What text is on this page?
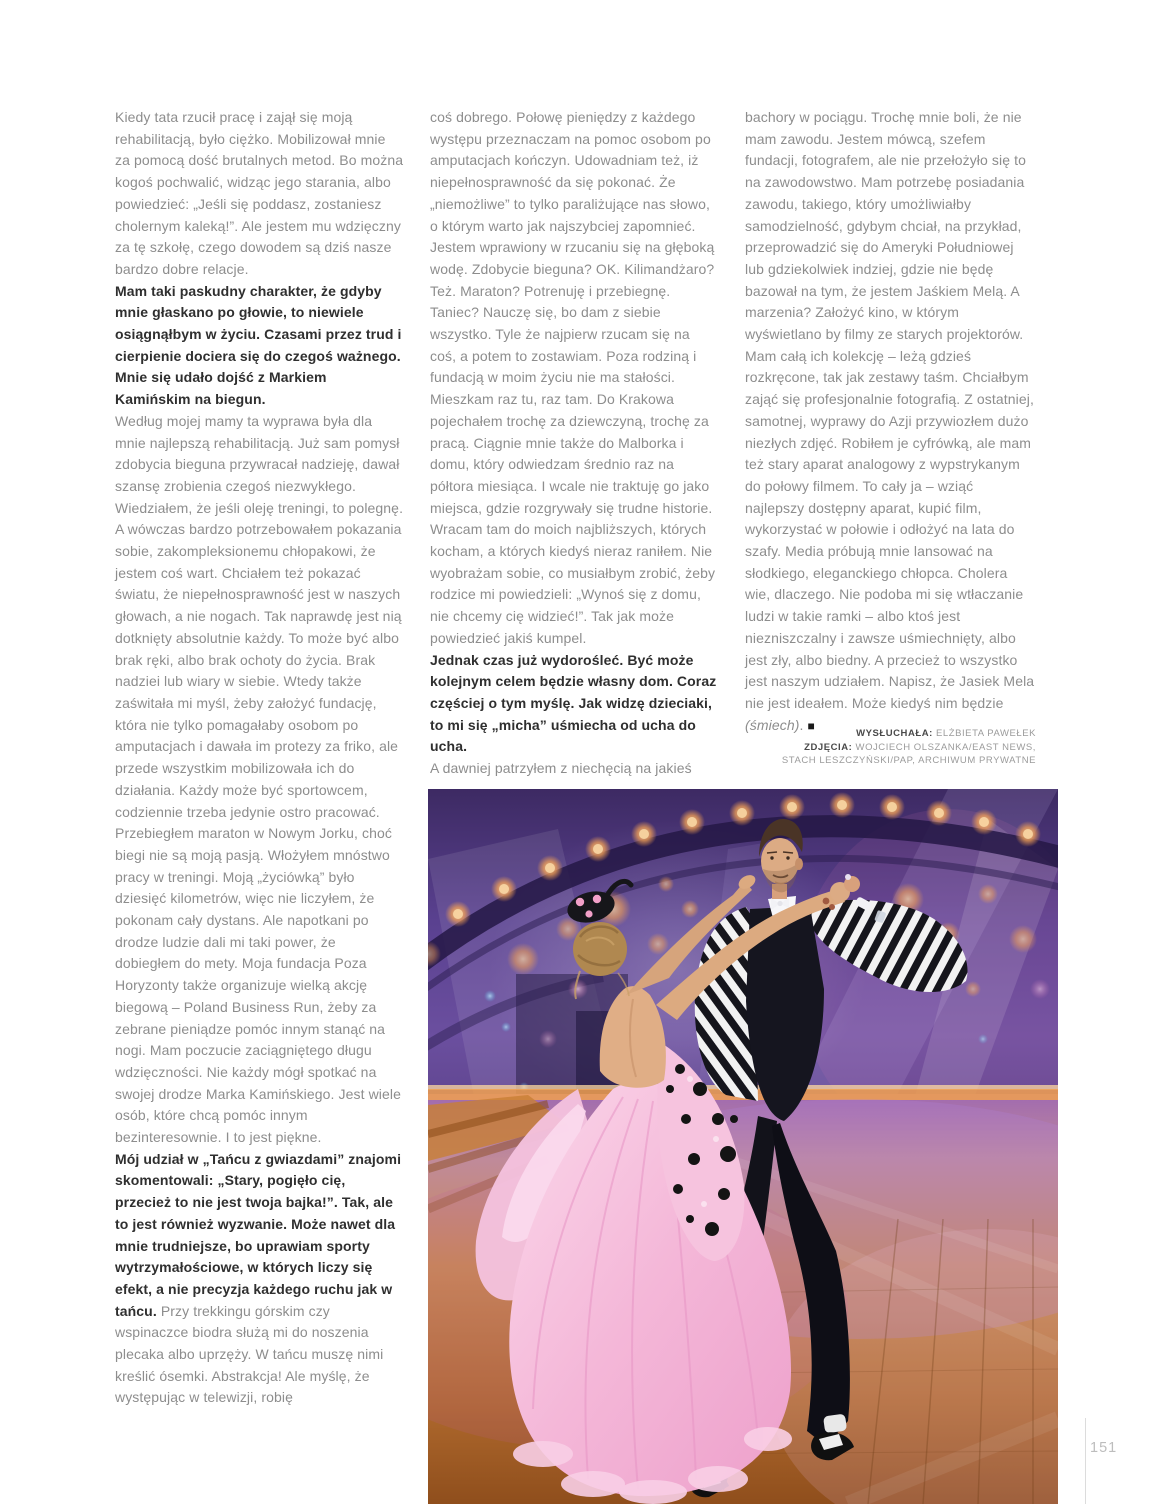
Kiedy tata rzucił pracę i zajął się moją rehabilitacją, było ciężko. Mobilizował mnie za pomocą dość brutalnych metod. Bo można kogoś pochwalić, widząc jego starania, albo powiedzieć: „Jeśli się poddasz, zostaniesz cholernym kaleką!”. Ale jestem mu wdzięczny za tę szkołę, czego dowodem są dziś nasze bardzo dobre relacje.

Mam taki paskudny charakter, że gdyby mnie głaskano po głowie, to niewiele osiągnąłbym w życiu. Czasami przez trud i cierpienie dociera się do czegoś ważnego. Mnie się udało dojść z Markiem Kamińskim na biegun.

Według mojej mamy ta wyprawa była dla mnie najlepszą rehabilitacją. Już sam pomysł zdobycia bieguna przywracał nadzieję, dawał szansę zrobienia czegoś niezwykłego. Wiedziałem, że jeśli oleję treningi, to polegnę. A wówczas bardzo potrzebowałem pokazania sobie, zakompleksionemu chłopakowi, że jestem coś wart. Chciałem też pokazać światu, że niepełnosprawność jest w naszych głowach, a nie nogach. Tak naprawdę jest nią dotknięty absolutnie każdy. To może być albo brak ręki, albo brak ochoty do życia. Brak nadziei lub wiary w siebie. Wtedy także zaświtała mi myśl, żeby założyć fundację, która nie tylko pomagałaby osobom po amputacjach i dawała im protezy za friko, ale przede wszystkim mobilizowała ich do działania. Każdy może być sportowcem, codziennie trzeba jedynie ostro pracować. Przebiegłem maraton w Nowym Jorku, choć biegi nie są moją pasją. Włożyłem mnóstwo pracy w treningi. Moją „życiówką” było dziesięć kilometrów, więc nie liczyłem, że pokonam cały dystans. Ale napotkani po drodze ludzie dali mi taki power, że dobiegłem do mety. Moja fundacja Poza Horyzonty także organizuje wielką akcję biegową – Poland Business Run, żeby za zebrane pieniądze pomóc innym stanąć na nogi. Mam poczucie zaciągniętego długu wdzięczności. Nie każdy mógł spotkać na swojej drodze Marka Kamińskiego. Jest wiele osób, które chcą pomóc innym bezinteresownie. I to jest piękne.

Mój udział w „Tańcu z gwiazdami” znajomi skomentowali: „Stary, pogięło cię, przecież to nie jest twoja bajka!”. Tak, ale to jest również wyzwanie. Może nawet dla mnie trudniejsze, bo uprawiam sporty wytrzymałościowe, w których liczy się efekt, a nie precyzja każdego ruchu jak w tańcu. Przy trekkingu górskim czy wspinaczce biodra służą mi do noszenia plecaka albo uprzęży. W tańcu muszę nimi kreślić ósemki. Abstrakcja! Ale myślę, że występując w telewizji, robię

coś dobrego. Połowę pieniędzy z każdego występu przeznaczam na pomoc osobom po amputacjach kończyn. Udowadniam też, iż niepełnosprawność da się pokonać. Że „niemożliwe” to tylko paraliżujące nas słowo, o którym warto jak najszybciej zapomnieć. Jestem wprawiony w rzucaniu się na głęboką wodę. Zdobycie bieguna? OK. Kilimandżaro? Też. Maraton? Potrenuję i przebiegnę. Taniec? Nauczę się, bo dam z siebie wszystko. Tyle że najpierw rzucam się na coś, a potem to zostawiam. Poza rodziną i fundacją w moim życiu nie ma stałości. Mieszkam raz tu, raz tam. Do Krakowa pojechałem trochę za dziewczyną, trochę za pracą. Ciągnie mnie także do Malborka i domu, który odwiedzam średnio raz na półtora miesiąca. I wcale nie traktuję go jako miejsca, gdzie rozgrywały się trudne historie. Wracam tam do moich najbliższych, których kocham, a których kiedyś nieraz raniłem. Nie wyobrażam sobie, co musiałbym zrobić, żeby rodzice mi powiedzieli: „Wynoś się z domu, nie chcemy cię widzieć!”. Tak jak może powiedzieć jakiś kumpel.

Jednak czas już wydorośleć. Być może kolejnym celem będzie własny dom. Coraz częściej o tym myślę. Jak widzę dzieciaki, to mi się „micha” uśmiecha od ucha do ucha.

A dawniej patrzyłem z niechęcią na jakieś

bachory w pociągu. Trochę mnie boli, że nie mam zawodu. Jestem mówcą, szefem fundacji, fotografem, ale nie przełożyło się to na zawodowstwo. Mam potrzebę posiadania zawodu, takiego, który umożliwiałby samodzielność, gdybym chciał, na przykład, przeprowadzić się do Ameryki Południowej lub gdziekolwiek indziej, gdzie nie będę bazował na tym, że jestem Jaśkiem Melą. A marzenia? Założyć kino, w którym wyświetlano by filmy ze starych projektorów. Mam całą ich kolekcję – leżą gdzieś rozkręcone, tak jak zestawy taśm. Chciałbym zająć się profesjonalnie fotografią. Z ostatniej, samotnej, wyprawy do Azji przywiozłem dużo niezłych zdjęć. Robiłem je cyfrówką, ale mam też stary aparat analogowy z wypstrykanym do połowy filmem. To cały ja – wziąć najlepszy dostępny aparat, kupić film, wykorzystać w połowie i odłożyć na lata do szafy. Media próbują mnie lansować na słodkiego, eleganckiego chłopca. Cholera wie, dlaczego. Nie podoba mi się wtłaczanie ludzi w takie ramki – albo ktoś jest niezniszczalny i zawsze uśmiechnięty, albo jest zły, albo biedny. A przecież to wszystko jest naszym udziałem. Napisz, że Jasiek Mela nie jest ideałem. Może kiedyś nim będzie (śmiech). ■

WYSŁUCHAŁA: ELŻBIETA PAWEŁEK
ZDJĘCIA: WOJCIECH OLSZANKA/EAST NEWS,
STACH LESZCZYŃSKI/PAP, ARCHIWUM PRYWATNE
151
